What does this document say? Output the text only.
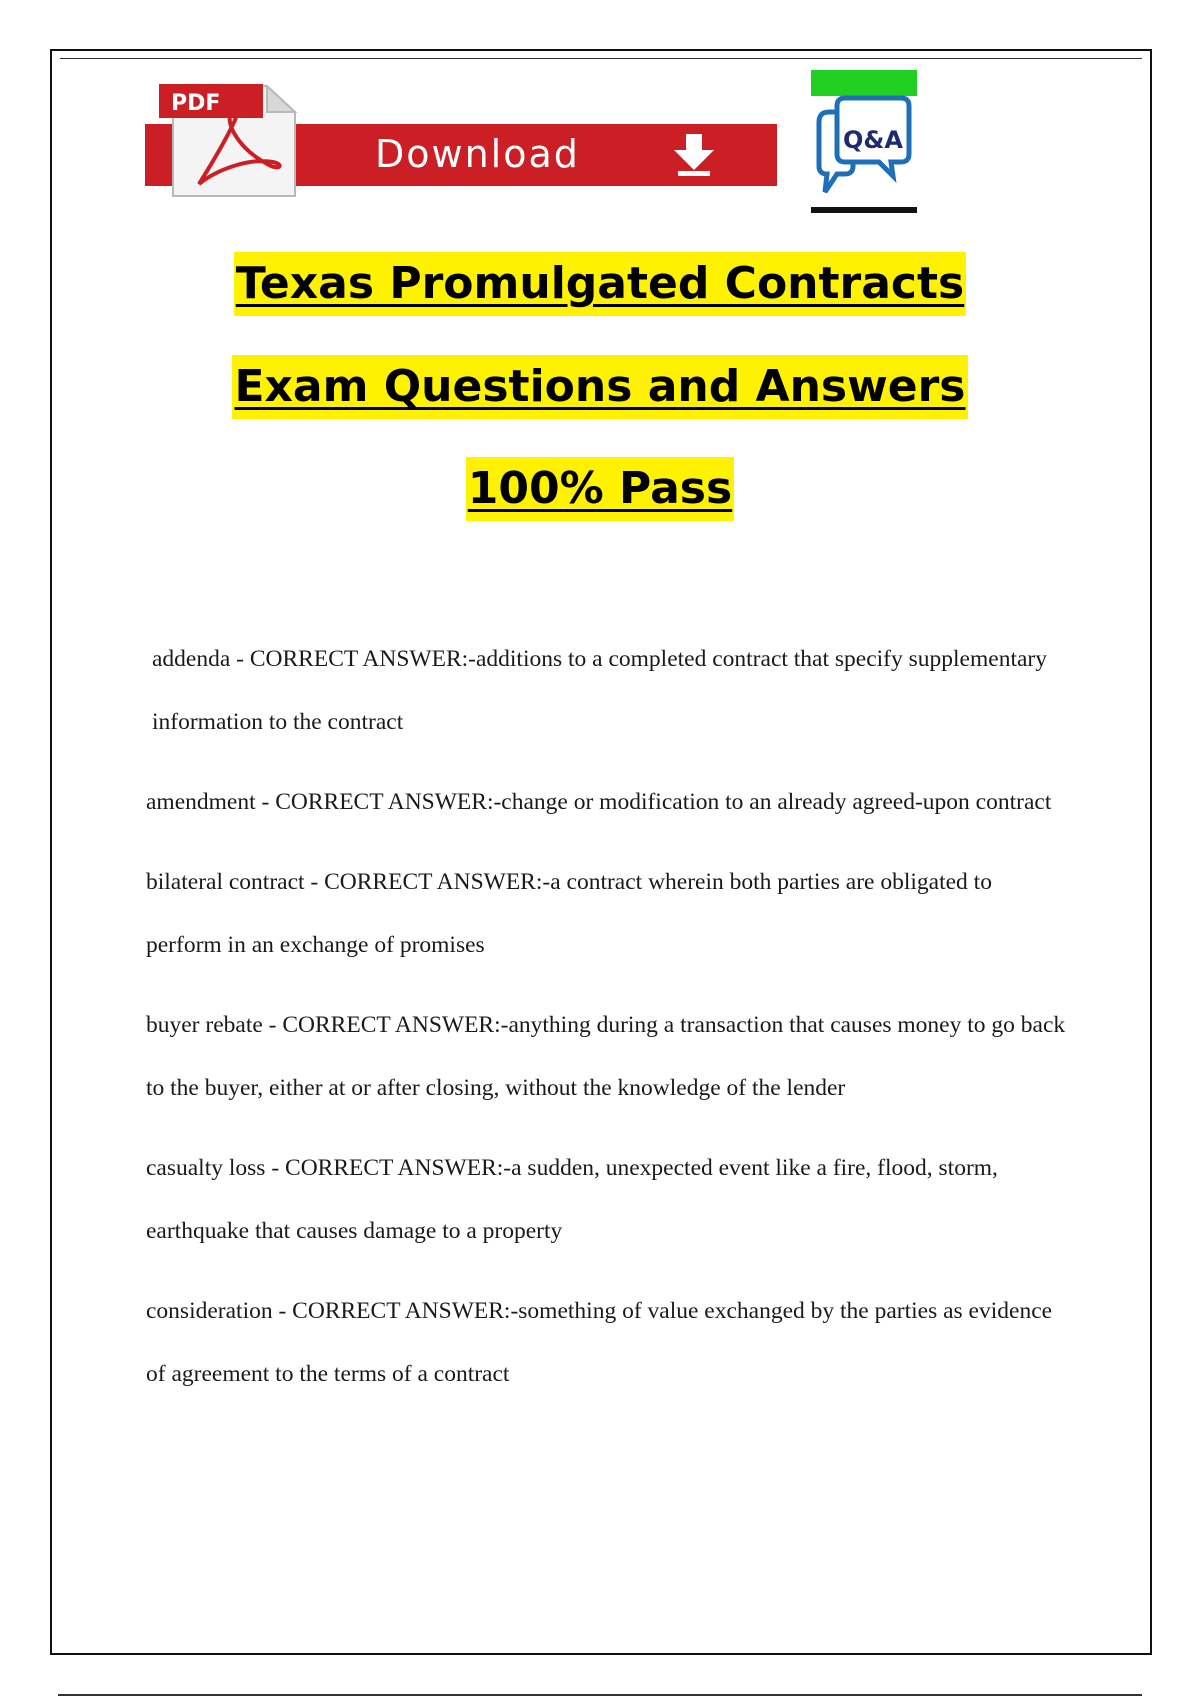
Download
PDF
Q&A
Texas Promulgated Contracts
Exam Questions and Answers
100% Pass

addenda - CORRECT ANSWER:-additions to a completed contract that specify supplementary information to the contract

amendment - CORRECT ANSWER:-change or modification to an already agreed-upon contract

bilateral contract - CORRECT ANSWER:-a contract wherein both parties are obligated to perform in an exchange of promises

buyer rebate - CORRECT ANSWER:-anything during a transaction that causes money to go back to the buyer, either at or after closing, without the knowledge of the lender

casualty loss - CORRECT ANSWER:-a sudden, unexpected event like a fire, flood, storm, earthquake that causes damage to a property

consideration - CORRECT ANSWER:-something of value exchanged by the parties as evidence of agreement to the terms of a contract
